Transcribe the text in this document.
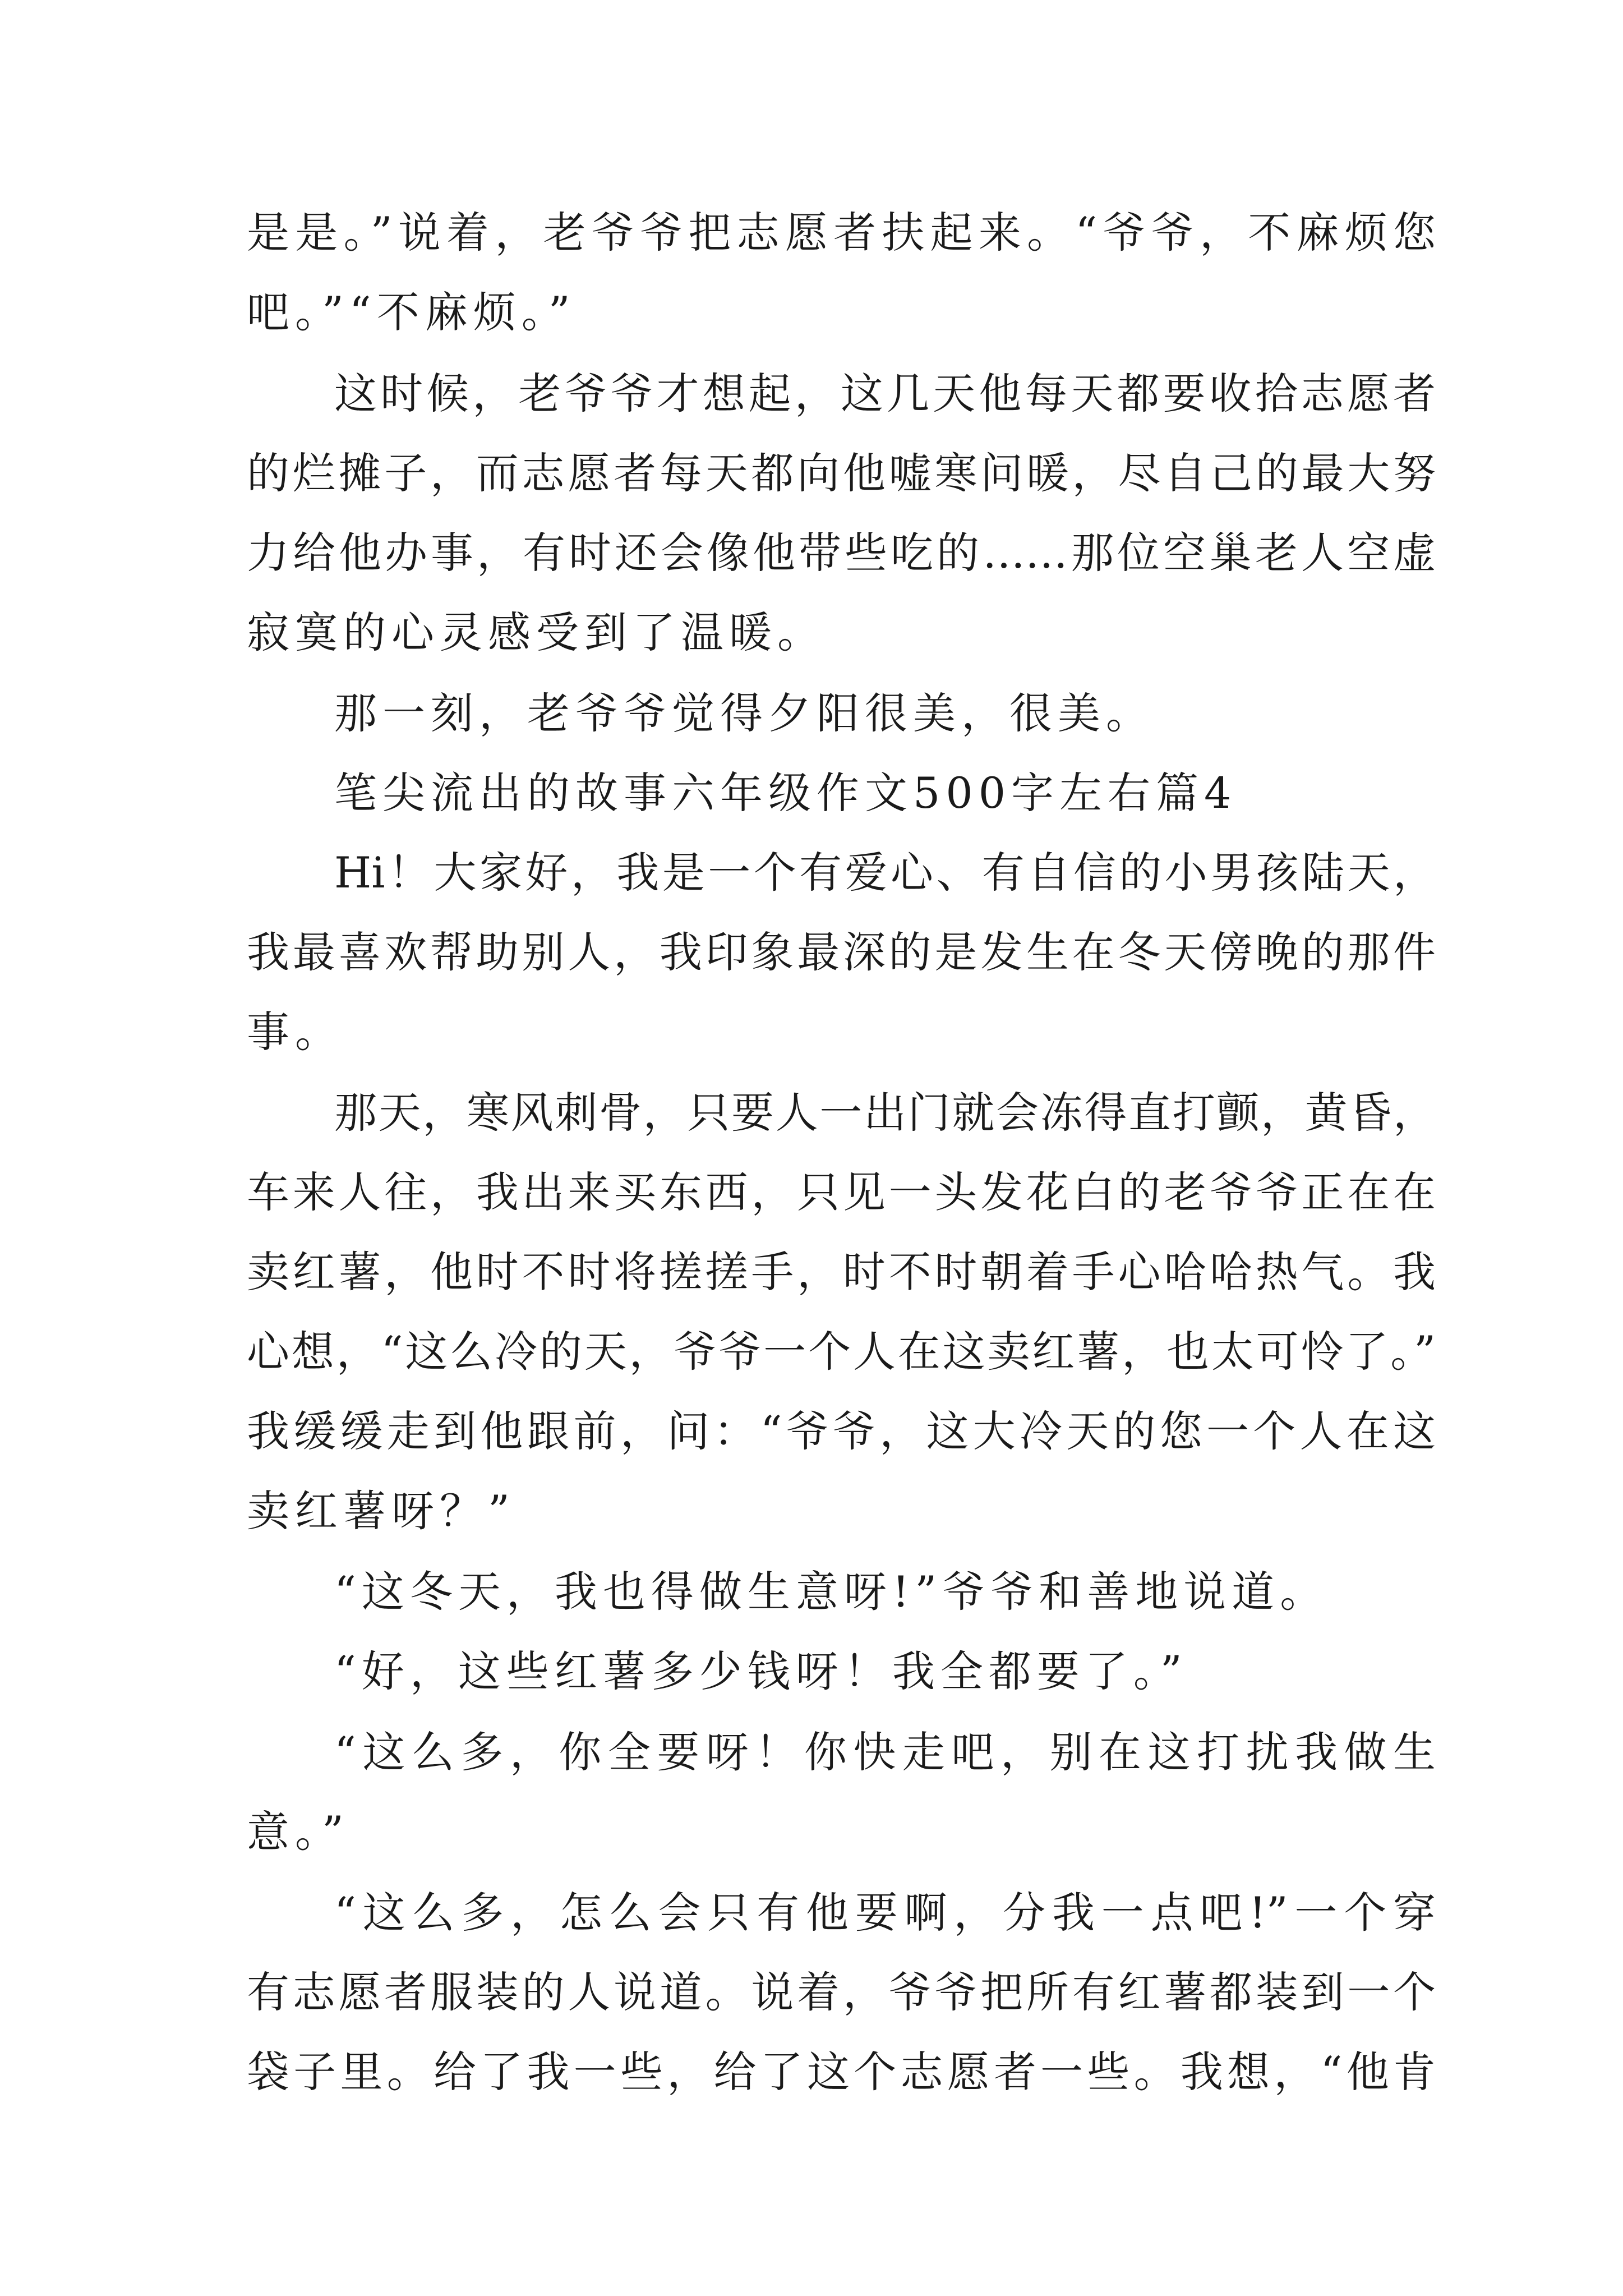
是是。”说着，老爷爷把志愿者扶起来。“爷爷，不麻烦您
吧。”“不麻烦。”
这时候，老爷爷才想起，这几天他每天都要收拾志愿者
的烂摊子，而志愿者每天都向他嘘寒问暖，尽自己的最大努
力给他办事，有时还会像他带些吃的……那位空巢老人空虚
寂寞的心灵感受到了温暖。
那一刻，老爷爷觉得夕阳很美，很美。
笔尖流出的故事六年级作文500字左右篇4
Hi！大家好，我是一个有爱心、有自信的小男孩陆天，
我最喜欢帮助别人，我印象最深的是发生在冬天傍晚的那件
事。
那天，寒风刺骨，只要人一出门就会冻得直打颤，黄昏，
车来人往，我出来买东西，只见一头发花白的老爷爷正在在
卖红薯，他时不时将搓搓手，时不时朝着手心哈哈热气。我
心想，“这么冷的天，爷爷一个人在这卖红薯，也太可怜了。”
我缓缓走到他跟前，问：“爷爷，这大冷天的您一个人在这
卖红薯呀？”
“这冬天，我也得做生意呀!”爷爷和善地说道。
“好，这些红薯多少钱呀！我全都要了。”
“这么多，你全要呀！你快走吧，别在这打扰我做生
意。”
“这么多，怎么会只有他要啊，分我一点吧!”一个穿
有志愿者服装的人说道。说着，爷爷把所有红薯都装到一个
袋子里。给了我一些，给了这个志愿者一些。我想，“他肯
